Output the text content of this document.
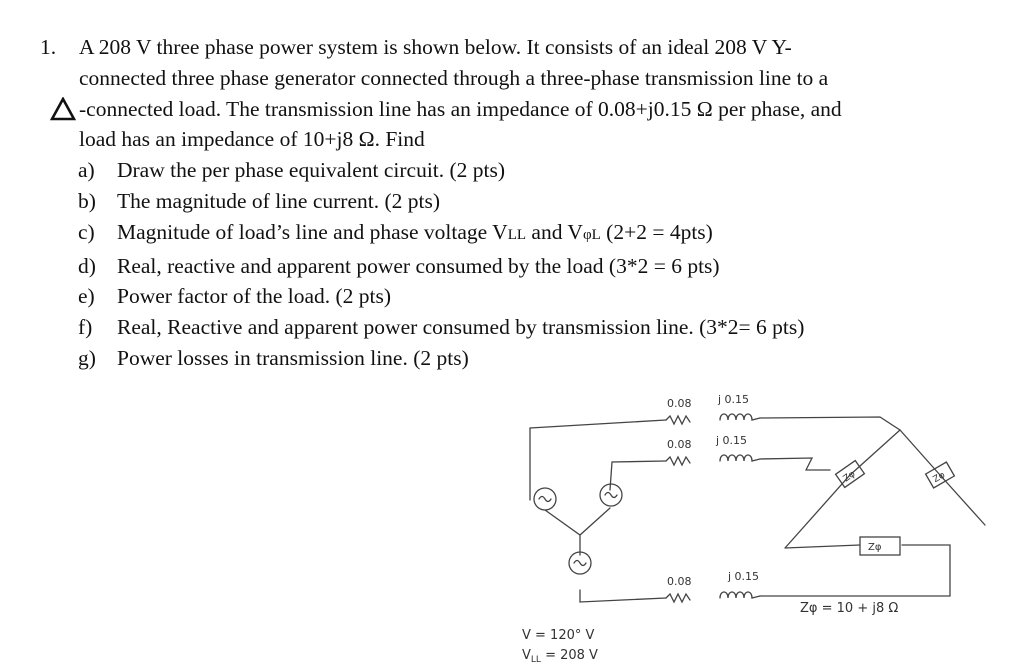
1. A 208 V three phase power system is shown below. It consists of an ideal 208 V Y-
connected three phase generator connected through a three-phase transmission line to a
-connected load. The transmission line has an impedance of 0.08+j0.15 Ω per phase, and
load has an impedance of 10+j8 Ω. Find
a) Draw the per phase equivalent circuit. (2 pts)
b) The magnitude of line current. (2 pts)
c) Magnitude of load’s line and phase voltage VLL and VφL (2+2 = 4pts)
d) Real, reactive and apparent power consumed by the load (3*2 = 6 pts)
e) Power factor of the load. (2 pts)
f) Real, Reactive and apparent power consumed by transmission line. (3*2= 6 pts)
g) Power losses in transmission line. (2 pts)
0.08 j 0.15
0.08 j 0.15
0.08	j 0.15
Zφ	Zφ
Zφ
Zφ = 10 + j8 Ω
V = 120° V
$V_{LL} = 208$ V
